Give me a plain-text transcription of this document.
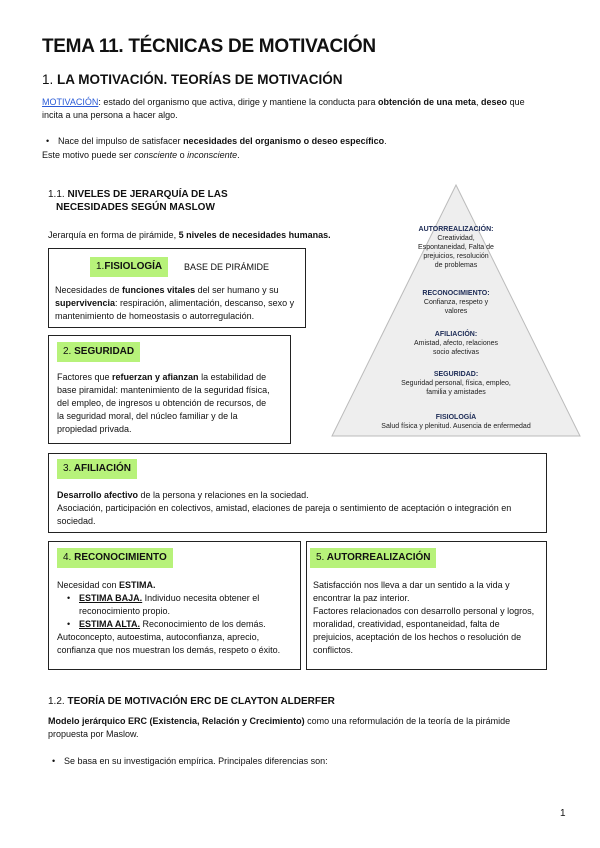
TEMA 11. TÉCNICAS DE MOTIVACIÓN
1. LA MOTIVACIÓN. TEORÍAS DE MOTIVACIÓN
MOTIVACIÓN: estado del organismo que activa, dirige y mantiene la conducta para obtención de una meta, deseo que
incita a una persona a hacer algo.
• Nace del impulso de satisfacer necesidades del organismo o deseo específico.
Este motivo puede ser consciente o inconsciente.
1.1. NIVELES DE JERARQUÍA DE LAS
NECESIDADES SEGÚN MASLOW
Jerarquía en forma de pirámide, 5 niveles de necesidades humanas.
AUTORREALIZACIÓN:
Creatividad,
Espontaneidad, Falta de
prejuicios, resolución
de problemas
RECONOCIMIENTO:
Confianza, respeto y
valores
AFILIACIÓN:
Amistad, afecto, relaciones
socio afectivas
SEGURIDAD:
Seguridad personal, física, empleo,
familia y amistades
FISIOLOGÍA
Salud física y plenitud. Ausencia de enfermedad
1.FISIOLOGÍA	BASE DE PIRÁMIDE
Necesidades de funciones vitales del ser humano y su
supervivencia: respiración, alimentación, descanso, sexo y
mantenimiento de homeostasis o autorregulación.
2. SEGURIDAD
Factores que refuerzan y afianzan la estabilidad de
base piramidal: mantenimiento de la seguridad física,
del empleo, de ingresos u obtención de recursos, de
la seguridad moral, del núcleo familiar y de la
propiedad privada.
3. AFILIACIÓN
Desarrollo afectivo de la persona y relaciones en la sociedad.
Asociación, participación en colectivos, amistad, elaciones de pareja o sentimiento de aceptación o integración en
sociedad.
4. RECONOCIMIENTO
Necesidad con ESTIMA.

• ESTIMA BAJA. Individuo necesita obtener el
reconocimiento propio.
• ESTIMA ALTA. Reconocimiento de los demás.
Autoconcepto, autoestima, autoconfianza, aprecio,
confianza que nos muestran los demás, respeto o éxito.
5. AUTORREALIZACIÓN
Satisfacción nos lleva a dar un sentido a la vida y
encontrar la paz interior.
Factores relacionados con desarrollo personal y logros,
moralidad, creatividad, espontaneidad, falta de
prejuicios, aceptación de los hechos o resolución de
conflictos.
1.2. TEORÍA DE MOTIVACIÓN ERC DE CLAYTON ALDERFER
Modelo jerárquico ERC (Existencia, Relación y Crecimiento) como una reformulación de la teoría de la pirámide
propuesta por Maslow.
• Se basa en su investigación empírica. Principales diferencias son:
1
